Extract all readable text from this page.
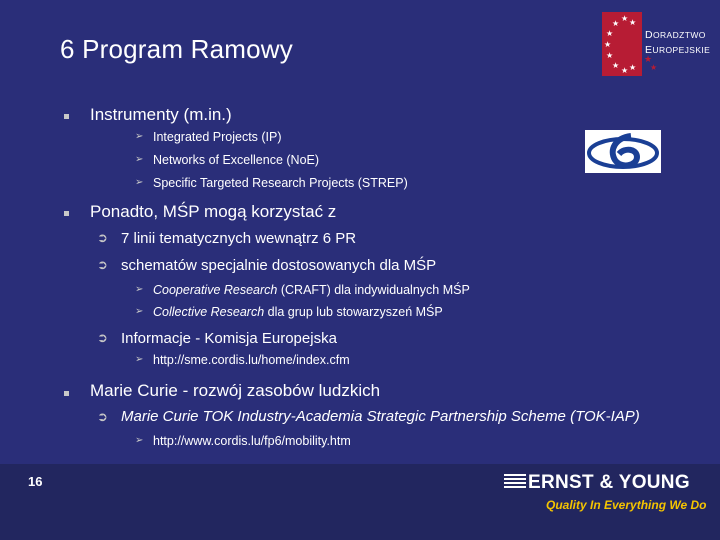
6 Program Ramowy
★ ★
★
★
★
★
★
★ ★
DORADZTWO
EUROPEJSKIE
★
★
Instrumenty (m.in.)
➢ Integrated Projects (IP)
➢ Networks of Excellence (NoE)
➢ Specific Targeted Research Projects (STREP)
Ponadto, MŚP mogą korzystać z
➲ 7 linii tematycznych wewnątrz 6 PR
➲ schematów specjalnie dostosowanych dla MŚP
➢ Cooperative Research (CRAFT) dla indywidualnych MŚP
➢ Collective Research dla grup lub stowarzyszeń MŚP
➲ Informacje - Komisja Europejska
➢ http://sme.cordis.lu/home/index.cfm
Marie Curie - rozwój zasobów ludzkich
➲ Marie Curie TOK Industry-Academia Strategic Partnership Scheme (TOK-IAP)
➢ http://www.cordis.lu/fp6/mobility.htm
16	ERNST & YOUNG
Quality In Everything We Do
